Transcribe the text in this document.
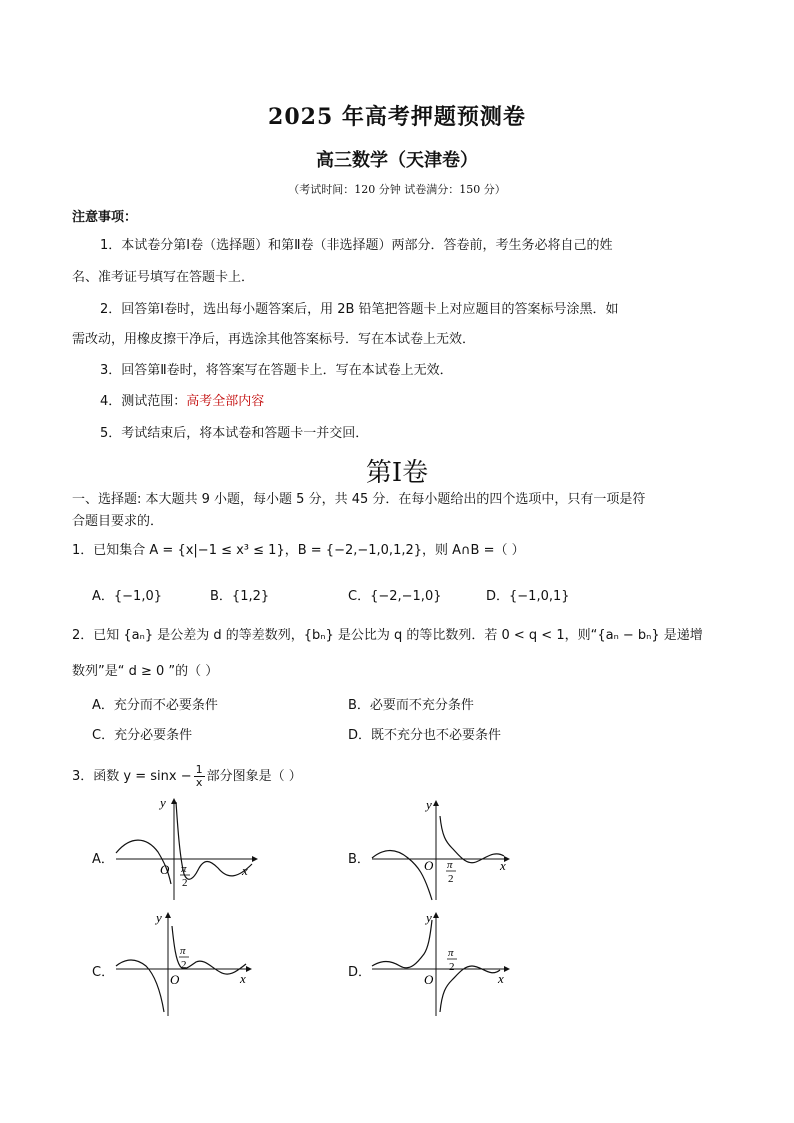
2025 年高考押题预测卷
高三数学（天津卷）
（考试时间：120 分钟 试卷满分：150 分）
注意事项：
1．本试卷分第Ⅰ卷（选择题）和第Ⅱ卷（非选择题）两部分．答卷前，考生务必将自己的姓
名、准考证号填写在答题卡上．
2．回答第Ⅰ卷时，选出每小题答案后，用 2B 铅笔把答题卡上对应题目的答案标号涂黑．如
需改动，用橡皮擦干净后，再选涂其他答案标号．写在本试卷上无效．
3．回答第Ⅱ卷时，将答案写在答题卡上．写在本试卷上无效．
4．测试范围：高考全部内容
5．考试结束后，将本试卷和答题卡一并交回．
第Ⅰ卷
一、选择题: 本大题共 9 小题，每小题 5 分，共 45 分．在每小题给出的四个选项中，只有一项是符
合题目要求的．
1．已知集合 A = {x|−1 ≤ x³ ≤ 1}，B = {−2,−1,0,1,2}，则 A∩B =（ ）
A．{−1,0}	B．{1,2}	C．{−2,−1,0}	D．{−1,0,1}
2．已知 {aₙ} 是公差为 d 的等差数列，{bₙ} 是公比为 q 的等比数列．若 0 < q < 1，则“{aₙ − bₙ} 是递增
数列”是“ d ≥ 0 ”的（ ）
A．充分而不必要条件	B．必要而不充分条件
C．充分必要条件	D．既不充分也不必要条件
3．函数 $y = \sin x - \frac{1}{x}$ 部分图象是（ ）
A．	B．
C．	D．
y
x
O π
2
y
x
O π
2
y
x
O
π
2
y
x
O
π
2
